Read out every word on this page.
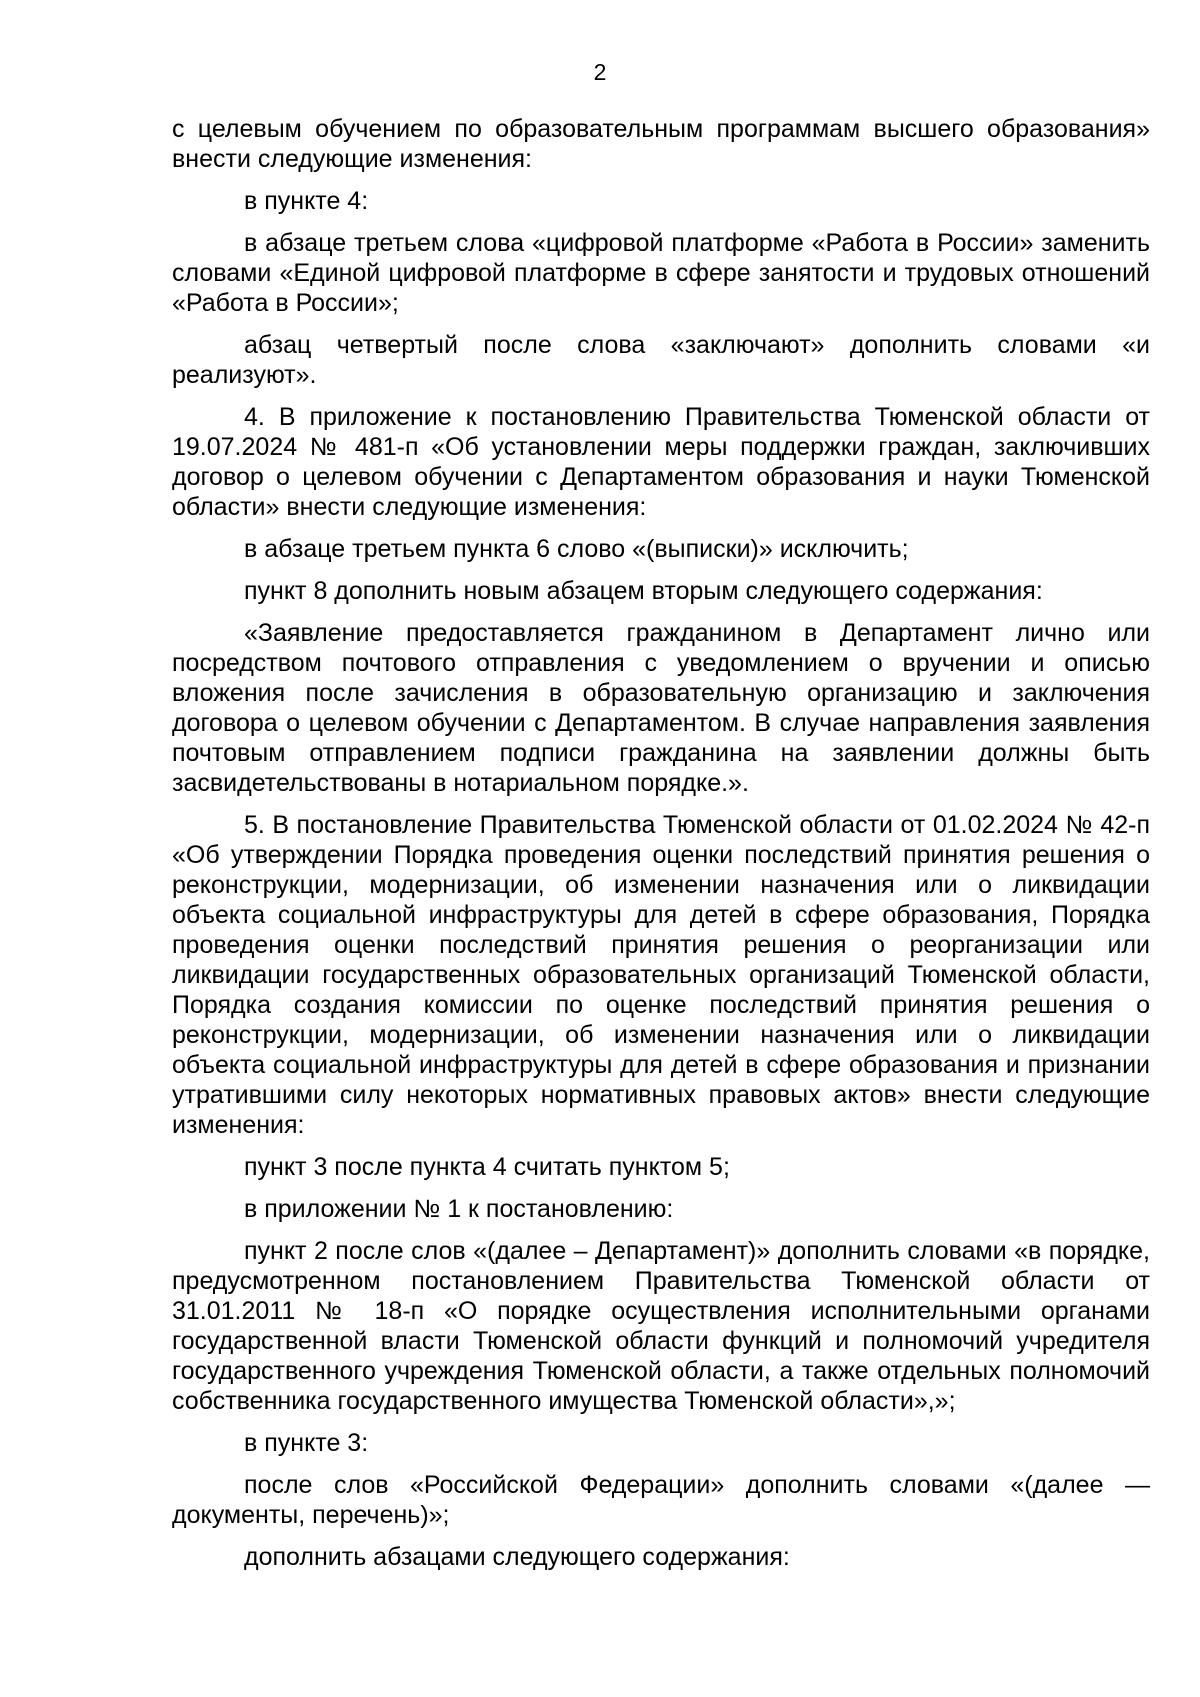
2

с целевым обучением по образовательным программам высшего образования» внести следующие изменения:

в пункте 4:

в абзаце третьем слова «цифровой платформе «Работа в России» заменить словами «Единой цифровой платформе в сфере занятости и трудовых отношений «Работа в России»;

абзац четвертый после слова «заключают» дополнить словами «и реализуют».

4. В приложение к постановлению Правительства Тюменской области от 19.07.2024 № 481-п «Об установлении меры поддержки граждан, заключивших договор о целевом обучении с Департаментом образования и науки Тюменской области» внести следующие изменения:

в абзаце третьем пункта 6 слово «(выписки)» исключить;

пункт 8 дополнить новым абзацем вторым следующего содержания:

«Заявление предоставляется гражданином в Департамент лично или посредством почтового отправления с уведомлением о вручении и описью вложения после зачисления в образовательную организацию и заключения договора о целевом обучении с Департаментом. В случае направления заявления почтовым отправлением подписи гражданина на заявлении должны быть засвидетельствованы в нотариальном порядке.».

5. В постановление Правительства Тюменской области от 01.02.2024 № 42-п «Об утверждении Порядка проведения оценки последствий принятия решения о реконструкции, модернизации, об изменении назначения или о ликвидации объекта социальной инфраструктуры для детей в сфере образования, Порядка проведения оценки последствий принятия решения о реорганизации или ликвидации государственных образовательных организаций Тюменской области, Порядка создания комиссии по оценке последствий принятия решения о реконструкции, модернизации, об изменении назначения или о ликвидации объекта социальной инфраструктуры для детей в сфере образования и признании утратившими силу некоторых нормативных правовых актов» внести следующие изменения:

пункт 3 после пункта 4 считать пунктом 5;

в приложении № 1 к постановлению:

пункт 2 после слов «(далее – Департамент)» дополнить словами «в порядке, предусмотренном постановлением Правительства Тюменской области от 31.01.2011 № 18-п «О порядке осуществления исполнительными органами государственной власти Тюменской области функций и полномочий учредителя государственного учреждения Тюменской области, а также отдельных полномочий собственника государственного имущества Тюменской области»,»;

в пункте 3:

после слов «Российской Федерации» дополнить словами «(далее — документы, перечень)»;

дополнить абзацами следующего содержания:
